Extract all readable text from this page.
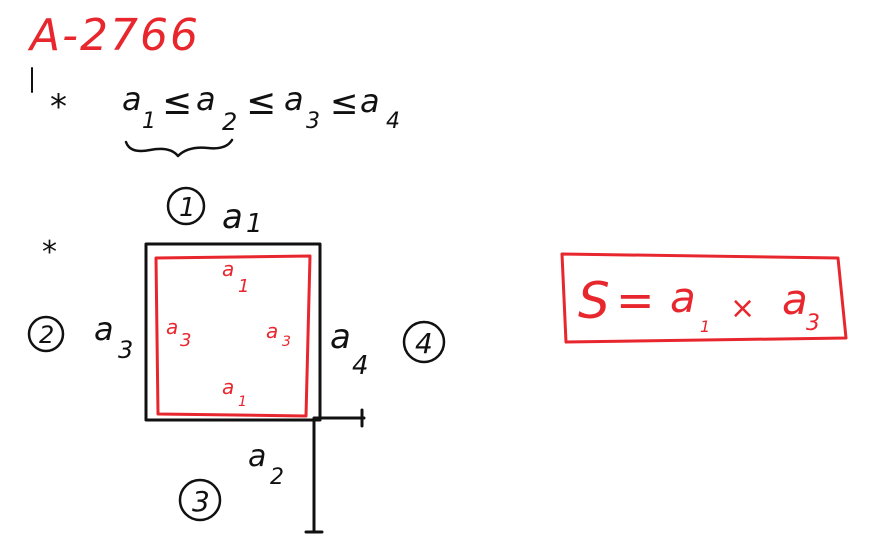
A-2766
* a
1 ≤ a
2 ≤ a
3 ≤ a
4
*
1
2
3
4
a 1
a
3	a
4
a
2
a
1
a
3	a 3
a
1
S = a
1
× a
3
